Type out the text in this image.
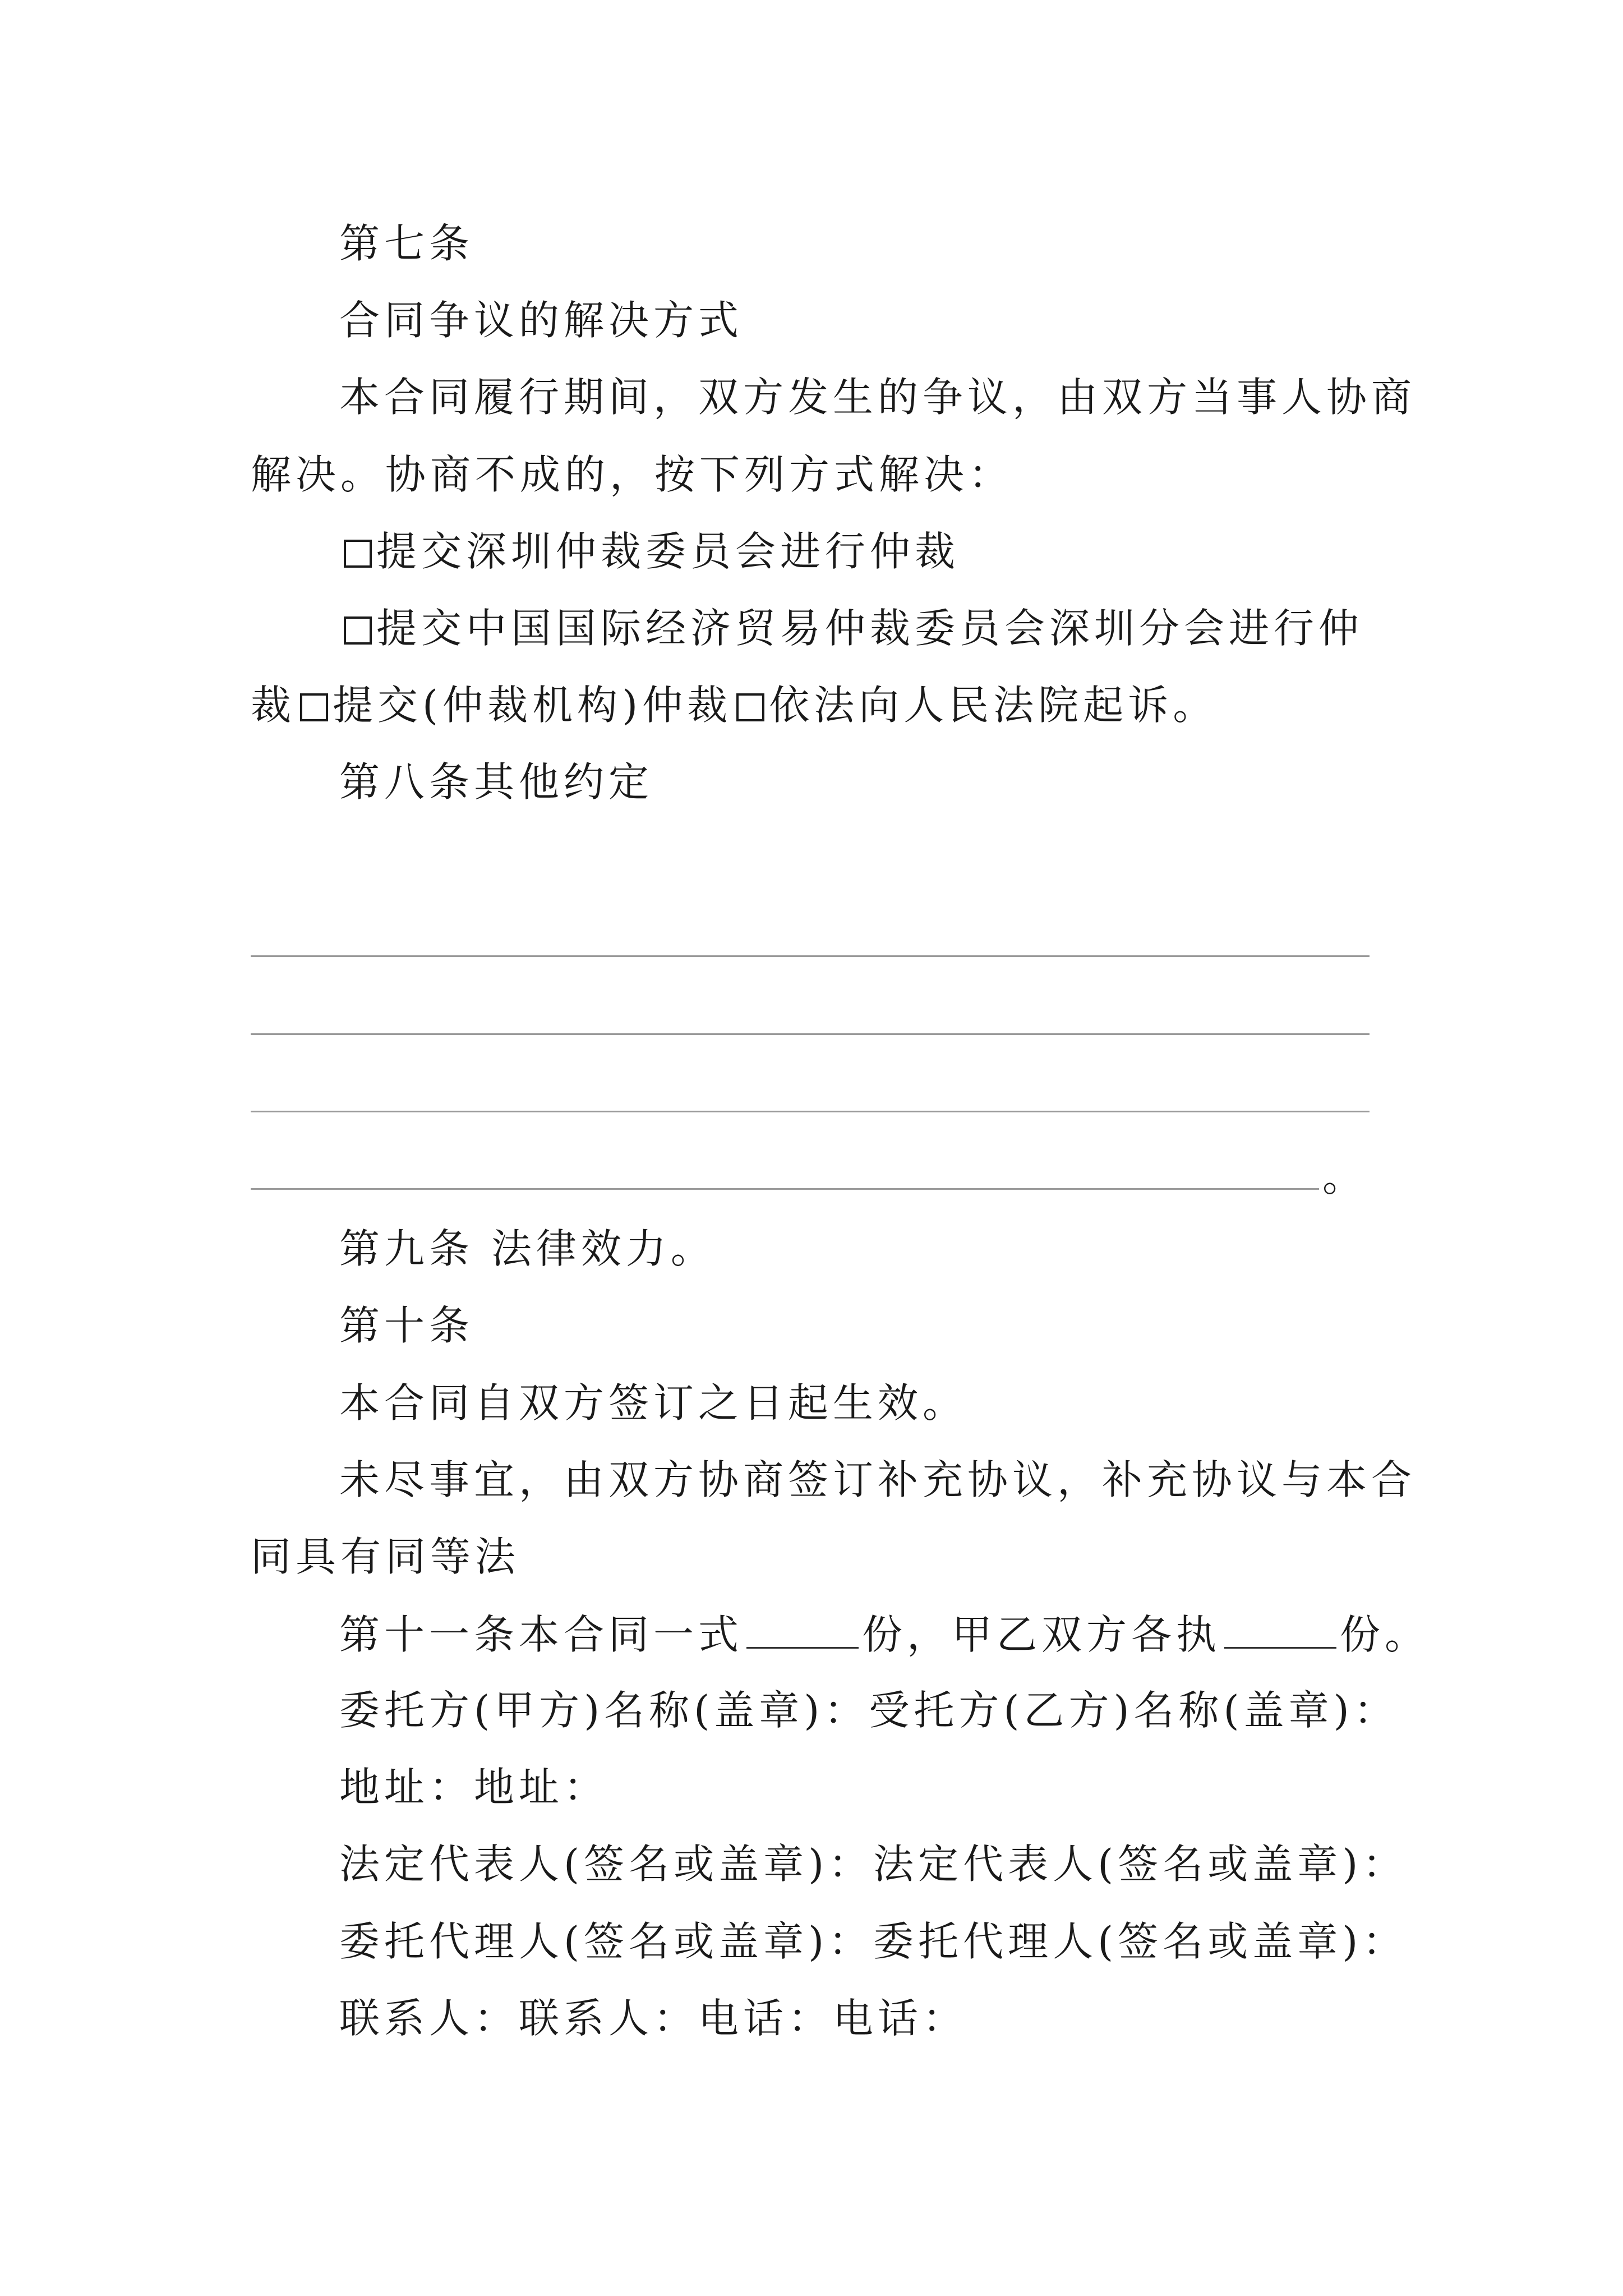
第七条

合同争议的解决方式

本合同履行期间，双方发生的争议，由双方当事人协商

解决。协商不成的，按下列方式解决：

提交深圳仲裁委员会进行仲裁

提交中国国际经济贸易仲裁委员会深圳分会进行仲

裁 提交(仲裁机构)仲裁 依法向人民法院起诉。

第八条其他约定

。

第九条 法律效力。

第十条

本合同自双方签订之日起生效。

未尽事宜，由双方协商签订补充协议，补充协议与本合

同具有同等法

第十一条本合同一式	份，甲乙双方各执	份。

委托方(甲方)名称(盖章)：受托方(乙方)名称(盖章)：

地址：地址：

法定代表人(签名或盖章)：法定代表人(签名或盖章)：

委托代理人(签名或盖章)：委托代理人(签名或盖章)：

联系人：联系人：电话：电话：
